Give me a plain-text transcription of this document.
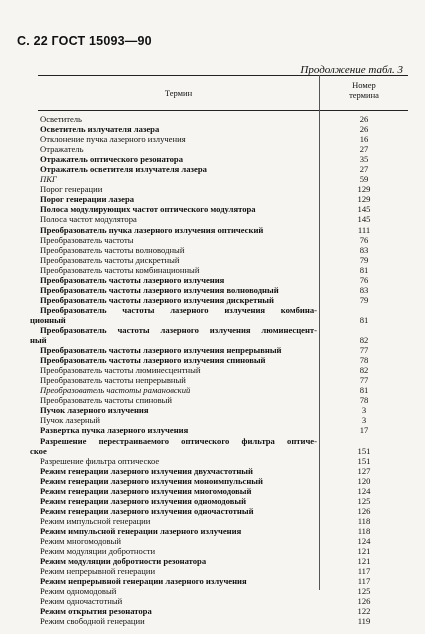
С. 22 ГОСТ 15093—90
Продолжение табл. 3
Термин
Номер
термина
Осветитель	26
Осветитель излучателя лазера	26
Отклонение пучка лазерного излучения	16
Отражатель	27
Отражатель оптического резонатора	35
Отражатель осветителя излучателя лазера	27
ПКГ	59
Порог генерации	129
Порог генерации лазера	129
Полоса модулирующих частот оптического модулятора	145
Полоса частот модулятора	145
Преобразователь пучка лазерного излучения оптический	111
Преобразователь частоты	76
Преобразователь частоты волноводный	83
Преобразователь частоты дискретный	79
Преобразователь частоты комбинационный	81
Преобразователь частоты лазерного излучения	76
Преобразователь частоты лазерного излучения волноводный	83
Преобразователь частоты лазерного излучения дискретный	79
Преобразователь частоты лазерного излучения комбина-
ционный	81
Преобразователь частоты лазерного излучения люминесцент-
ный	82
Преобразователь частоты лазерного излучения непрерывный	77
Преобразователь частоты лазерного излучения спиновый	78
Преобразователь частоты люминесцентный	82
Преобразователь частоты непрерывный	77
Преобразователь частоты рамановский	81
Преобразователь частоты спиновый	78
Пучок лазерного излучения	3
Пучок лазерный	3
Развертка пучка лазерного излучения	17
Разрешение перестраиваемого оптического фильтра оптиче-
ское	151
Разрешение фильтра оптическое	151
Режим генерации лазерного излучения двухчастотный	127
Режим генерации лазерного излучения моноимпульсный	120
Режим генерации лазерного излучения многомодовый	124
Режим генерации лазерного излучения одномодовый	125
Режим генерации лазерного излучения одночастотный	126
Режим импульсной генерации	118
Режим импульсной генерации лазерного излучения	118
Режим многомодовый	124
Режим модуляции добротности	121
Режим модуляции добротности резонатора	121
Режим непрерывной генерации	117
Режим непрерывной генерации лазерного излучения	117
Режим одномодовый	125
Режим одночастотный	126
Режим открытия резонатора	122
Режим свободной генерации	119
